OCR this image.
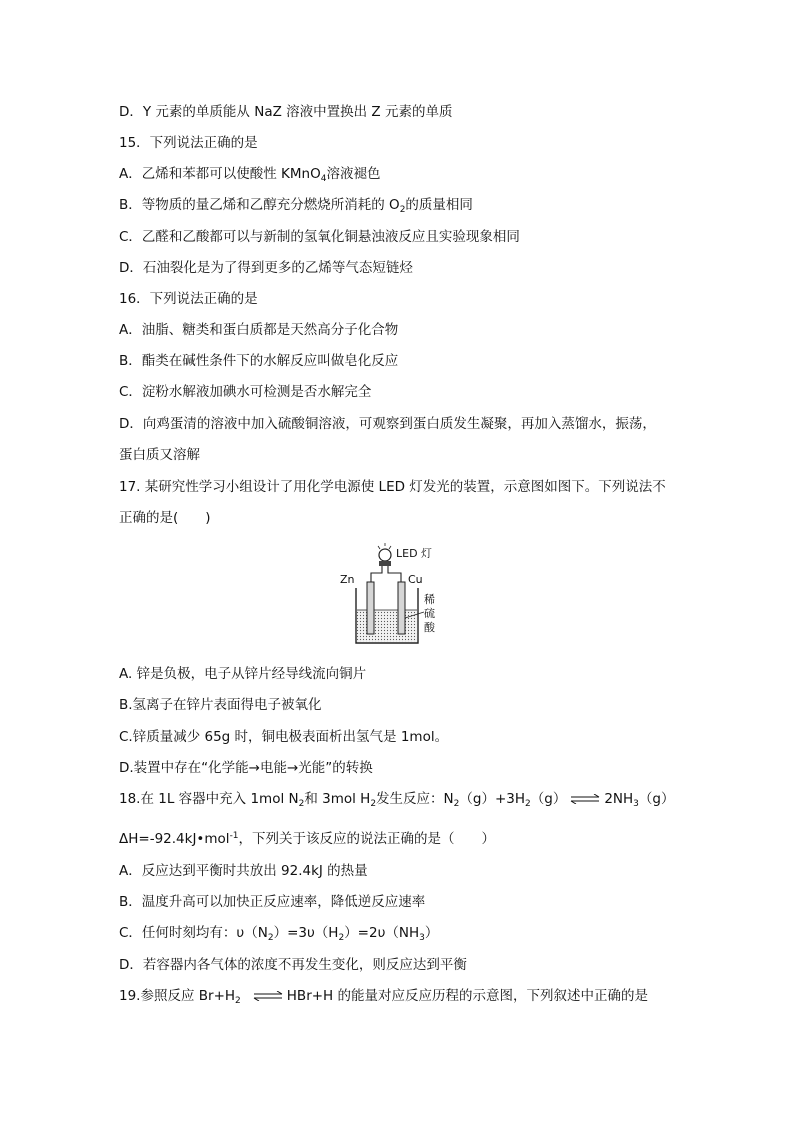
D．Y 元素的单质能从 NaZ 溶液中置换出 Z 元素的单质
15．下列说法正确的是
A．乙烯和苯都可以使酸性 KMnO$_4$溶液褪色
B．等物质的量乙烯和乙醇充分燃烧所消耗的 $O_2$的质量相同
C．乙醛和乙酸都可以与新制的氢氧化铜悬浊液反应且实验现象相同
D．石油裂化是为了得到更多的乙烯等气态短链烃
16．下列说法正确的是
A．油脂、糖类和蛋白质都是天然高分子化合物
B．酯类在碱性条件下的水解反应叫做皂化反应
C．淀粉水解液加碘水可检测是否水解完全
D．向鸡蛋清的溶液中加入硫酸铜溶液，可观察到蛋白质发生凝聚，再加入蒸馏水，振荡，
蛋白质又溶解
17. 某研究性学习小组设计了用化学电源使 LED 灯发光的装置，示意图如图下。下列说法不
正确的是(　　)
LED 灯
Zn	Cu
稀
硫
酸
A. 锌是负极，电子从锌片经导线流向铜片
B.氢离子在锌片表面得电子被氧化
C.锌质量减少 65g 时，铜电极表面析出氢气是 1mol。
D.装置中存在“化学能→电能→光能”的转换
18.在 1L 容器中充入 1mol $N_2$和 3mol $H_2$发生反应：$N_2(g)+3H_2(g)$ ⇌ $2NH_3(g)$
ΔH=-92.4kJ•mol$^{-1}$，下列关于该反应的说法正确的是（　　）
A．反应达到平衡时共放出 92.4kJ 的热量
B．温度升高可以加快正反应速率，降低逆反应速率
C．任何时刻均有：$\upsilon(N_2)=3\upsilon(H_2)=2\upsilon(NH_3)$
D．若容器内各气体的浓度不再发生变化，则反应达到平衡
19.参照反应 $Br+H_2$ ⇌ HBr+H 的能量对应反应历程的示意图，下列叙述中正确的是
